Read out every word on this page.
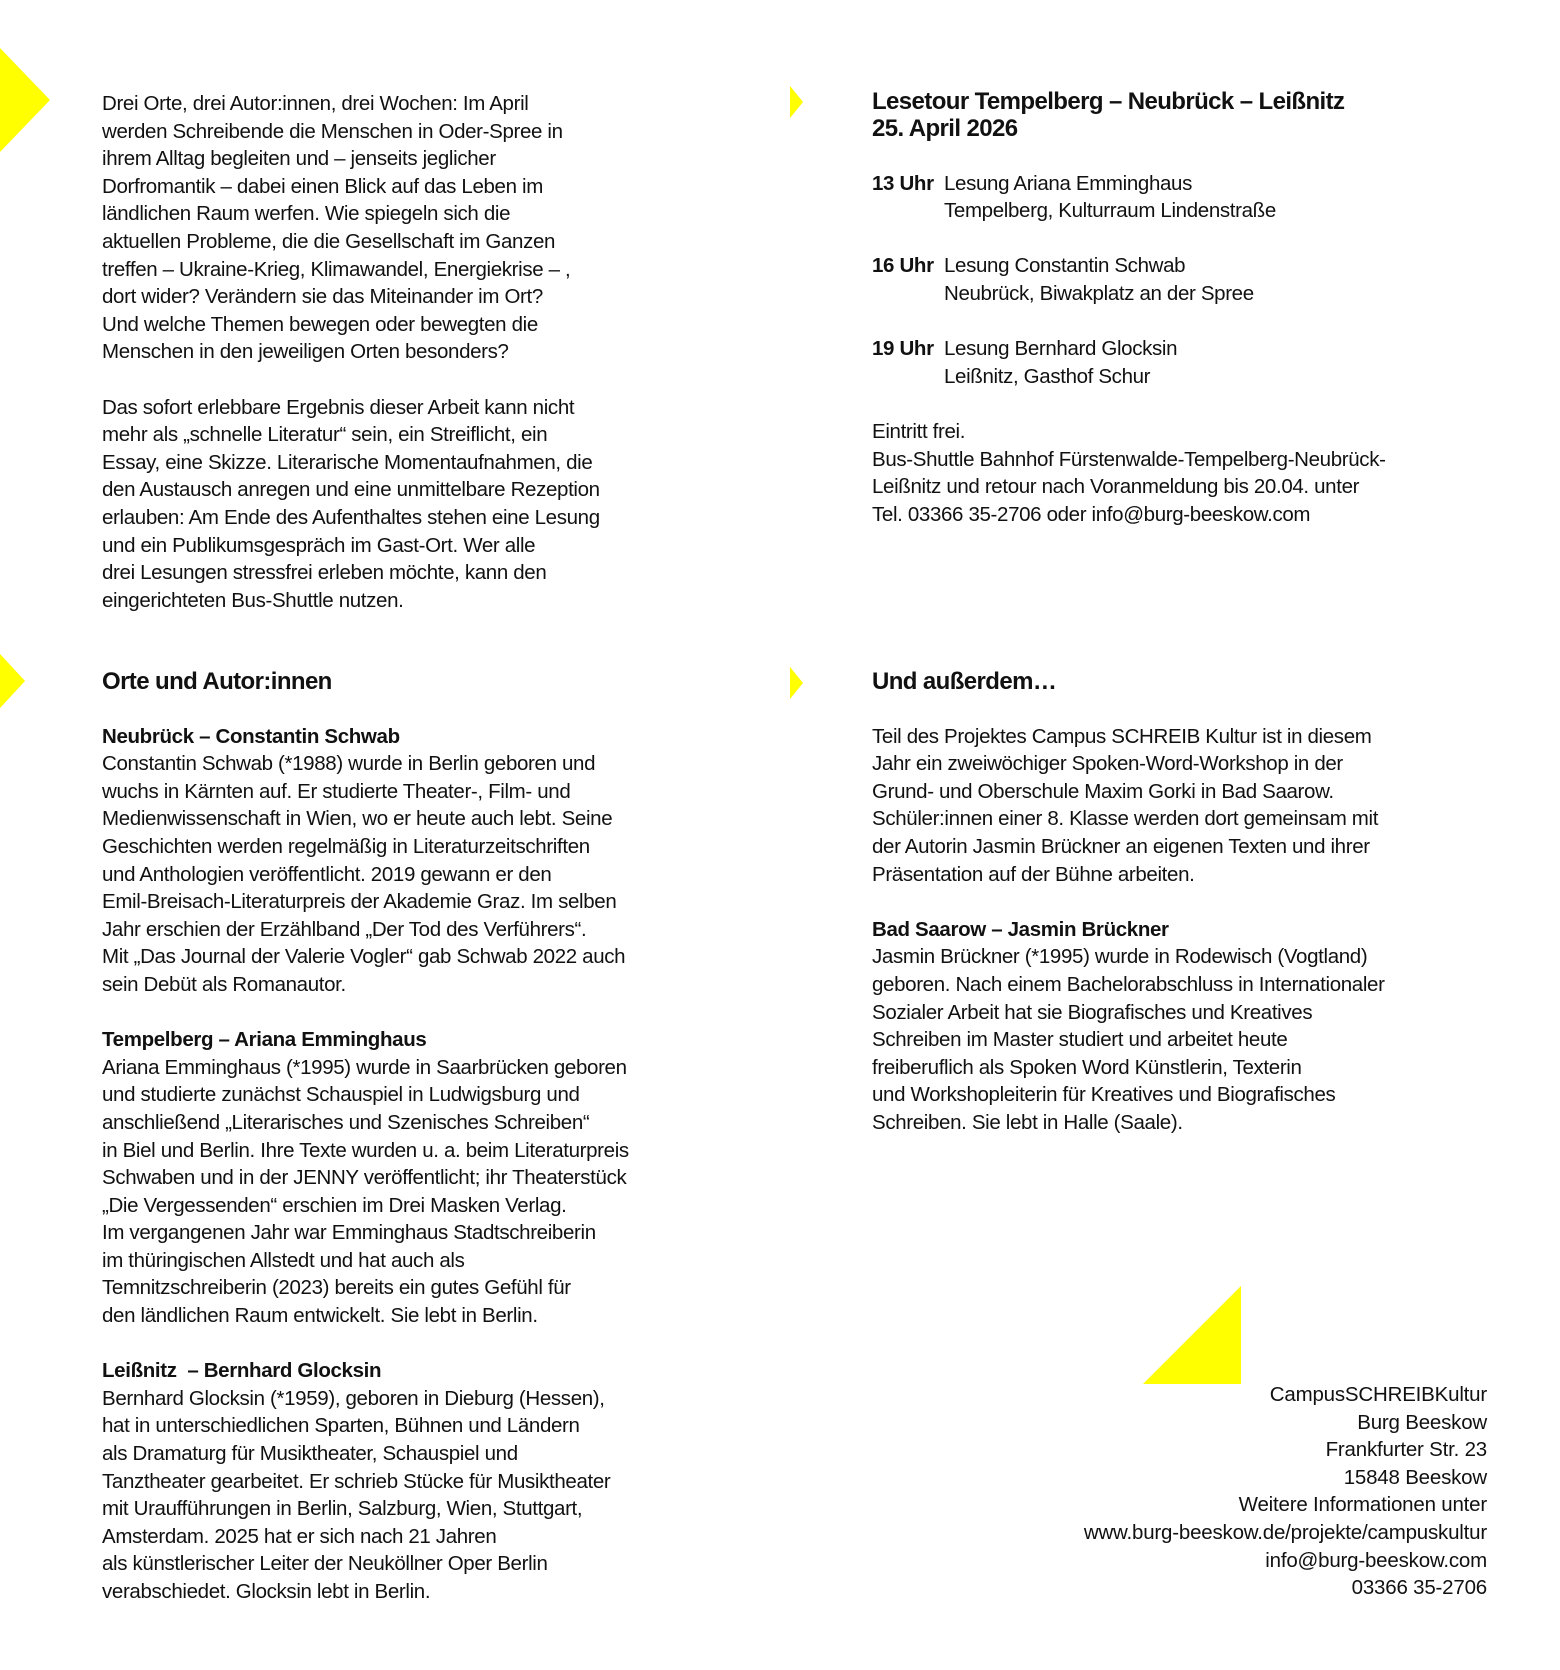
Drei Orte, drei Autor:innen, drei Wochen: Im April

werden Schreibende die Menschen in Oder-Spree in

ihrem Alltag begleiten und – jenseits jeglicher

Dorfromantik – dabei einen Blick auf das Leben im

ländlichen Raum werfen. Wie spiegeln sich die

aktuellen Probleme, die die Gesellschaft im Ganzen

treffen – Ukraine-Krieg, Klimawandel, Energiekrise – ,

dort wider? Verändern sie das Miteinander im Ort?

Und welche Themen bewegen oder bewegten die

Menschen in den jeweiligen Orten besonders?

Das sofort erlebbare Ergebnis dieser Arbeit kann nicht

mehr als „schnelle Literatur“ sein, ein Streiflicht, ein

Essay, eine Skizze. Literarische Momentaufnahmen, die

den Austausch anregen und eine unmittelbare Rezeption

erlauben: Am Ende des Aufenthaltes stehen eine Lesung

und ein Publikumsgespräch im Gast-Ort. Wer alle

drei Lesungen stressfrei erleben möchte, kann den

eingerichteten Bus-Shuttle nutzen.

Lesetour Tempelberg – Neubrück – Leißnitz

25. April 2026

13 Uhr Lesung Ariana Emminghaus

Tempelberg, Kulturraum Lindenstraße

16 Uhr Lesung Constantin Schwab

Neubrück, Biwakplatz an der Spree

19 Uhr Lesung Bernhard Glocksin

Leißnitz, Gasthof Schur

Eintritt frei.

Bus-Shuttle Bahnhof Fürstenwalde-Tempelberg-Neubrück-

Leißnitz und retour nach Voranmeldung bis 20.04. unter

Tel. 03366 35-2706 oder info@burg-beeskow.com

Orte und Autor:innen

Neubrück – Constantin Schwab

Constantin Schwab (*1988) wurde in Berlin geboren und

wuchs in Kärnten auf. Er studierte Theater-, Film- und

Medienwissenschaft in Wien, wo er heute auch lebt. Seine

Geschichten werden regelmäßig in Literaturzeitschriften

und Anthologien veröffentlicht. 2019 gewann er den

Emil-Breisach-Literaturpreis der Akademie Graz. Im selben

Jahr erschien der Erzählband „Der Tod des Verführers“.

Mit „Das Journal der Valerie Vogler“ gab Schwab 2022 auch

sein Debüt als Romanautor.

Tempelberg – Ariana Emminghaus

Ariana Emminghaus (*1995) wurde in Saarbrücken geboren

und studierte zunächst Schauspiel in Ludwigsburg und

anschließend „Literarisches und Szenisches Schreiben“

in Biel und Berlin. Ihre Texte wurden u. a. beim Literaturpreis

Schwaben und in der JENNY veröffentlicht; ihr Theaterstück

„Die Vergessenden“ erschien im Drei Masken Verlag.

Im vergangenen Jahr war Emminghaus Stadtschreiberin

im thüringischen Allstedt und hat auch als

Temnitzschreiberin (2023) bereits ein gutes Gefühl für

den ländlichen Raum entwickelt. Sie lebt in Berlin.

Leißnitz  – Bernhard Glocksin

Bernhard Glocksin (*1959), geboren in Dieburg (Hessen),

hat in unterschiedlichen Sparten, Bühnen und Ländern

als Dramaturg für Musiktheater, Schauspiel und

Tanztheater gearbeitet. Er schrieb Stücke für Musiktheater

mit Uraufführungen in Berlin, Salzburg, Wien, Stuttgart,

Amsterdam. 2025 hat er sich nach 21 Jahren

als künstlerischer Leiter der Neuköllner Oper Berlin

verabschiedet. Glocksin lebt in Berlin.

Und außerdem…

Teil des Projektes Campus SCHREIB Kultur ist in diesem

Jahr ein zweiwöchiger Spoken-Word-Workshop in der

Grund- und Oberschule Maxim Gorki in Bad Saarow.

Schüler:innen einer 8. Klasse werden dort gemeinsam mit

der Autorin Jasmin Brückner an eigenen Texten und ihrer

Präsentation auf der Bühne arbeiten.

Bad Saarow – Jasmin Brückner

Jasmin Brückner (*1995) wurde in Rodewisch (Vogtland)

geboren. Nach einem Bachelorabschluss in Internationaler

Sozialer Arbeit hat sie Biografisches und Kreatives

Schreiben im Master studiert und arbeitet heute

freiberuflich als Spoken Word Künstlerin, Texterin

und Workshopleiterin für Kreatives und Biografisches

Schreiben. Sie lebt in Halle (Saale).

CampusSCHREIBKultur

Burg Beeskow

Frankfurter Str. 23

15848 Beeskow

Weitere Informationen unter

www.burg-beeskow.de/projekte/campuskultur

info@burg-beeskow.com

03366 35-2706
